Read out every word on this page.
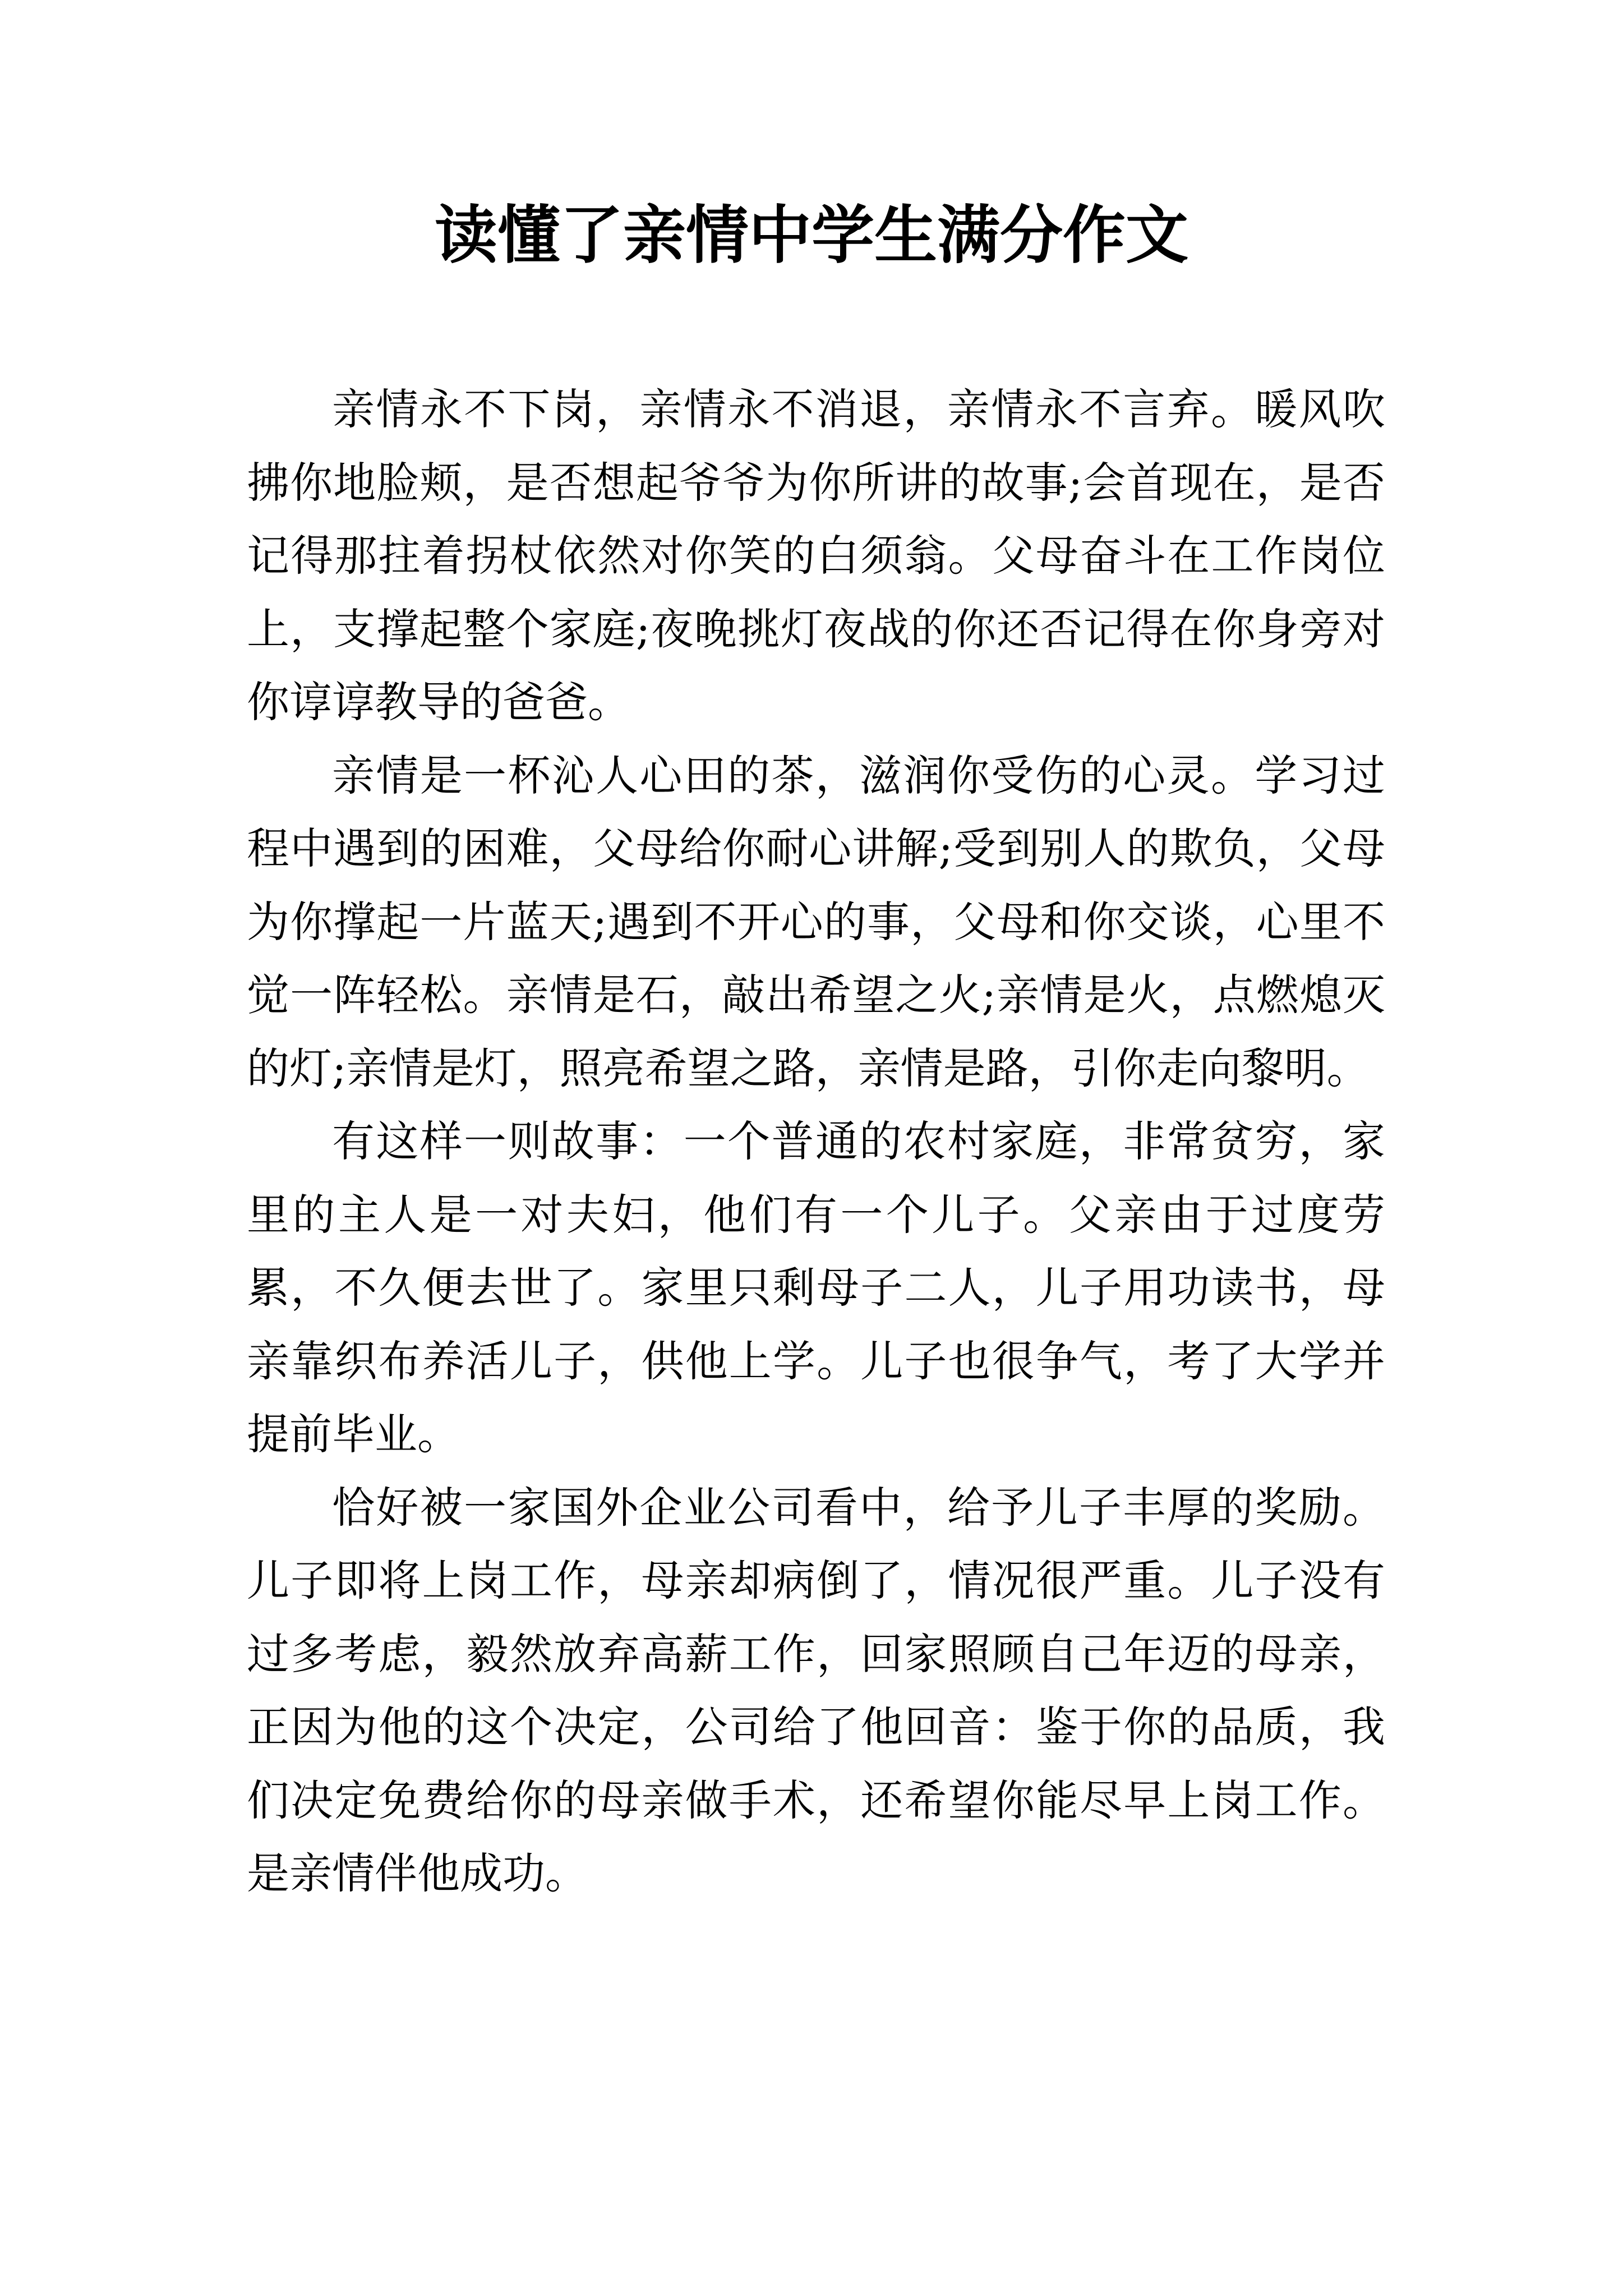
读懂了亲情中学生满分作文

亲情永不下岗，亲情永不消退，亲情永不言弃。暖风吹拂你地脸颊，是否想起爷爷为你所讲的故事;会首现在，是否记得那拄着拐杖依然对你笑的白须翁。父母奋斗在工作岗位上，支撑起整个家庭;夜晚挑灯夜战的你还否记得在你身旁对你谆谆教导的爸爸。

亲情是一杯沁人心田的茶，滋润你受伤的心灵。学习过程中遇到的困难，父母给你耐心讲解;受到别人的欺负，父母为你撑起一片蓝天;遇到不开心的事，父母和你交谈，心里不觉一阵轻松。亲情是石，敲出希望之火;亲情是火，点燃熄灭的灯;亲情是灯，照亮希望之路，亲情是路，引你走向黎明。

有这样一则故事：一个普通的农村家庭，非常贫穷，家里的主人是一对夫妇，他们有一个儿子。父亲由于过度劳累，不久便去世了。家里只剩母子二人，儿子用功读书，母亲靠织布养活儿子，供他上学。儿子也很争气，考了大学并提前毕业。

恰好被一家国外企业公司看中，给予儿子丰厚的奖励。儿子即将上岗工作，母亲却病倒了，情况很严重。儿子没有过多考虑，毅然放弃高薪工作，回家照顾自己年迈的母亲，正因为他的这个决定，公司给了他回音：鉴于你的品质，我们决定免费给你的母亲做手术，还希望你能尽早上岗工作。是亲情伴他成功。
